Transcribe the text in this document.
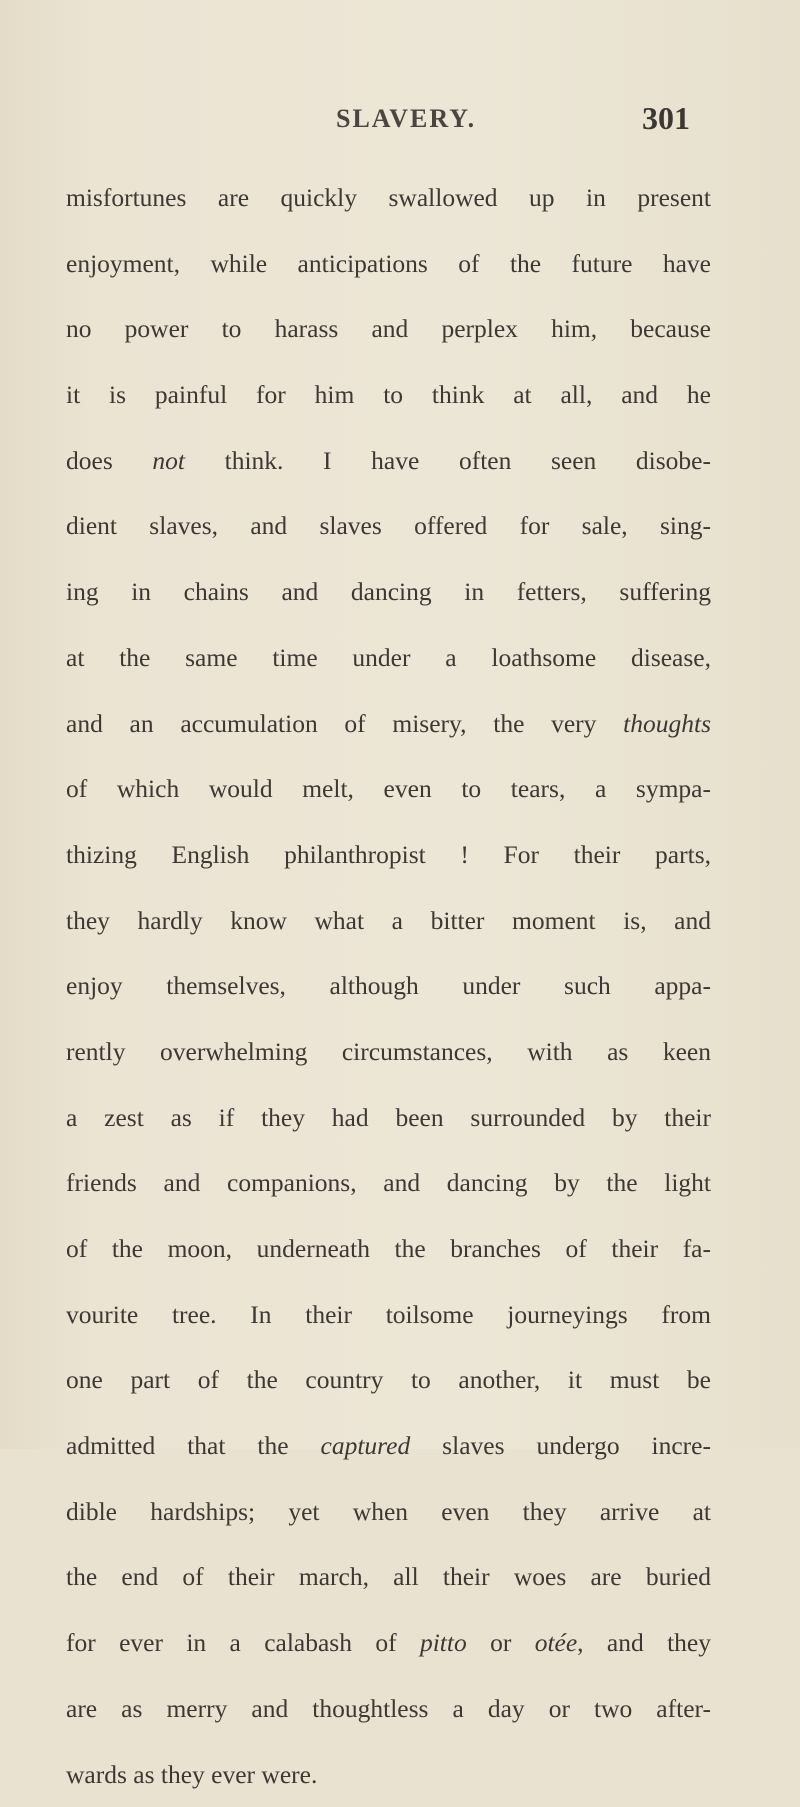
SLAVERY.	301
misfortunes are quickly swallowed up in present
enjoyment, while anticipations of the future have
no power to harass and perplex him, because
it is painful for him to think at all, and he
does not think. I have often seen disobe-
dient slaves, and slaves offered for sale, sing-
ing in chains and dancing in fetters, suffering
at the same time under a loathsome disease,
and an accumulation of misery, the very thoughts
of which would melt, even to tears, a sympa-
thizing English philanthropist ! For their parts,
they hardly know what a bitter moment is, and
enjoy themselves, although under such appa-
rently overwhelming circumstances, with as keen
a zest as if they had been surrounded by their
friends and companions, and dancing by the light
of the moon, underneath the branches of their fa-
vourite tree. In their toilsome journeyings from
one part of the country to another, it must be
admitted that the captured slaves undergo incre-
dible hardships; yet when even they arrive at
the end of their march, all their woes are buried
for ever in a calabash of pitto or otée, and they
are as merry and thoughtless a day or two after-
wards as they ever were.
